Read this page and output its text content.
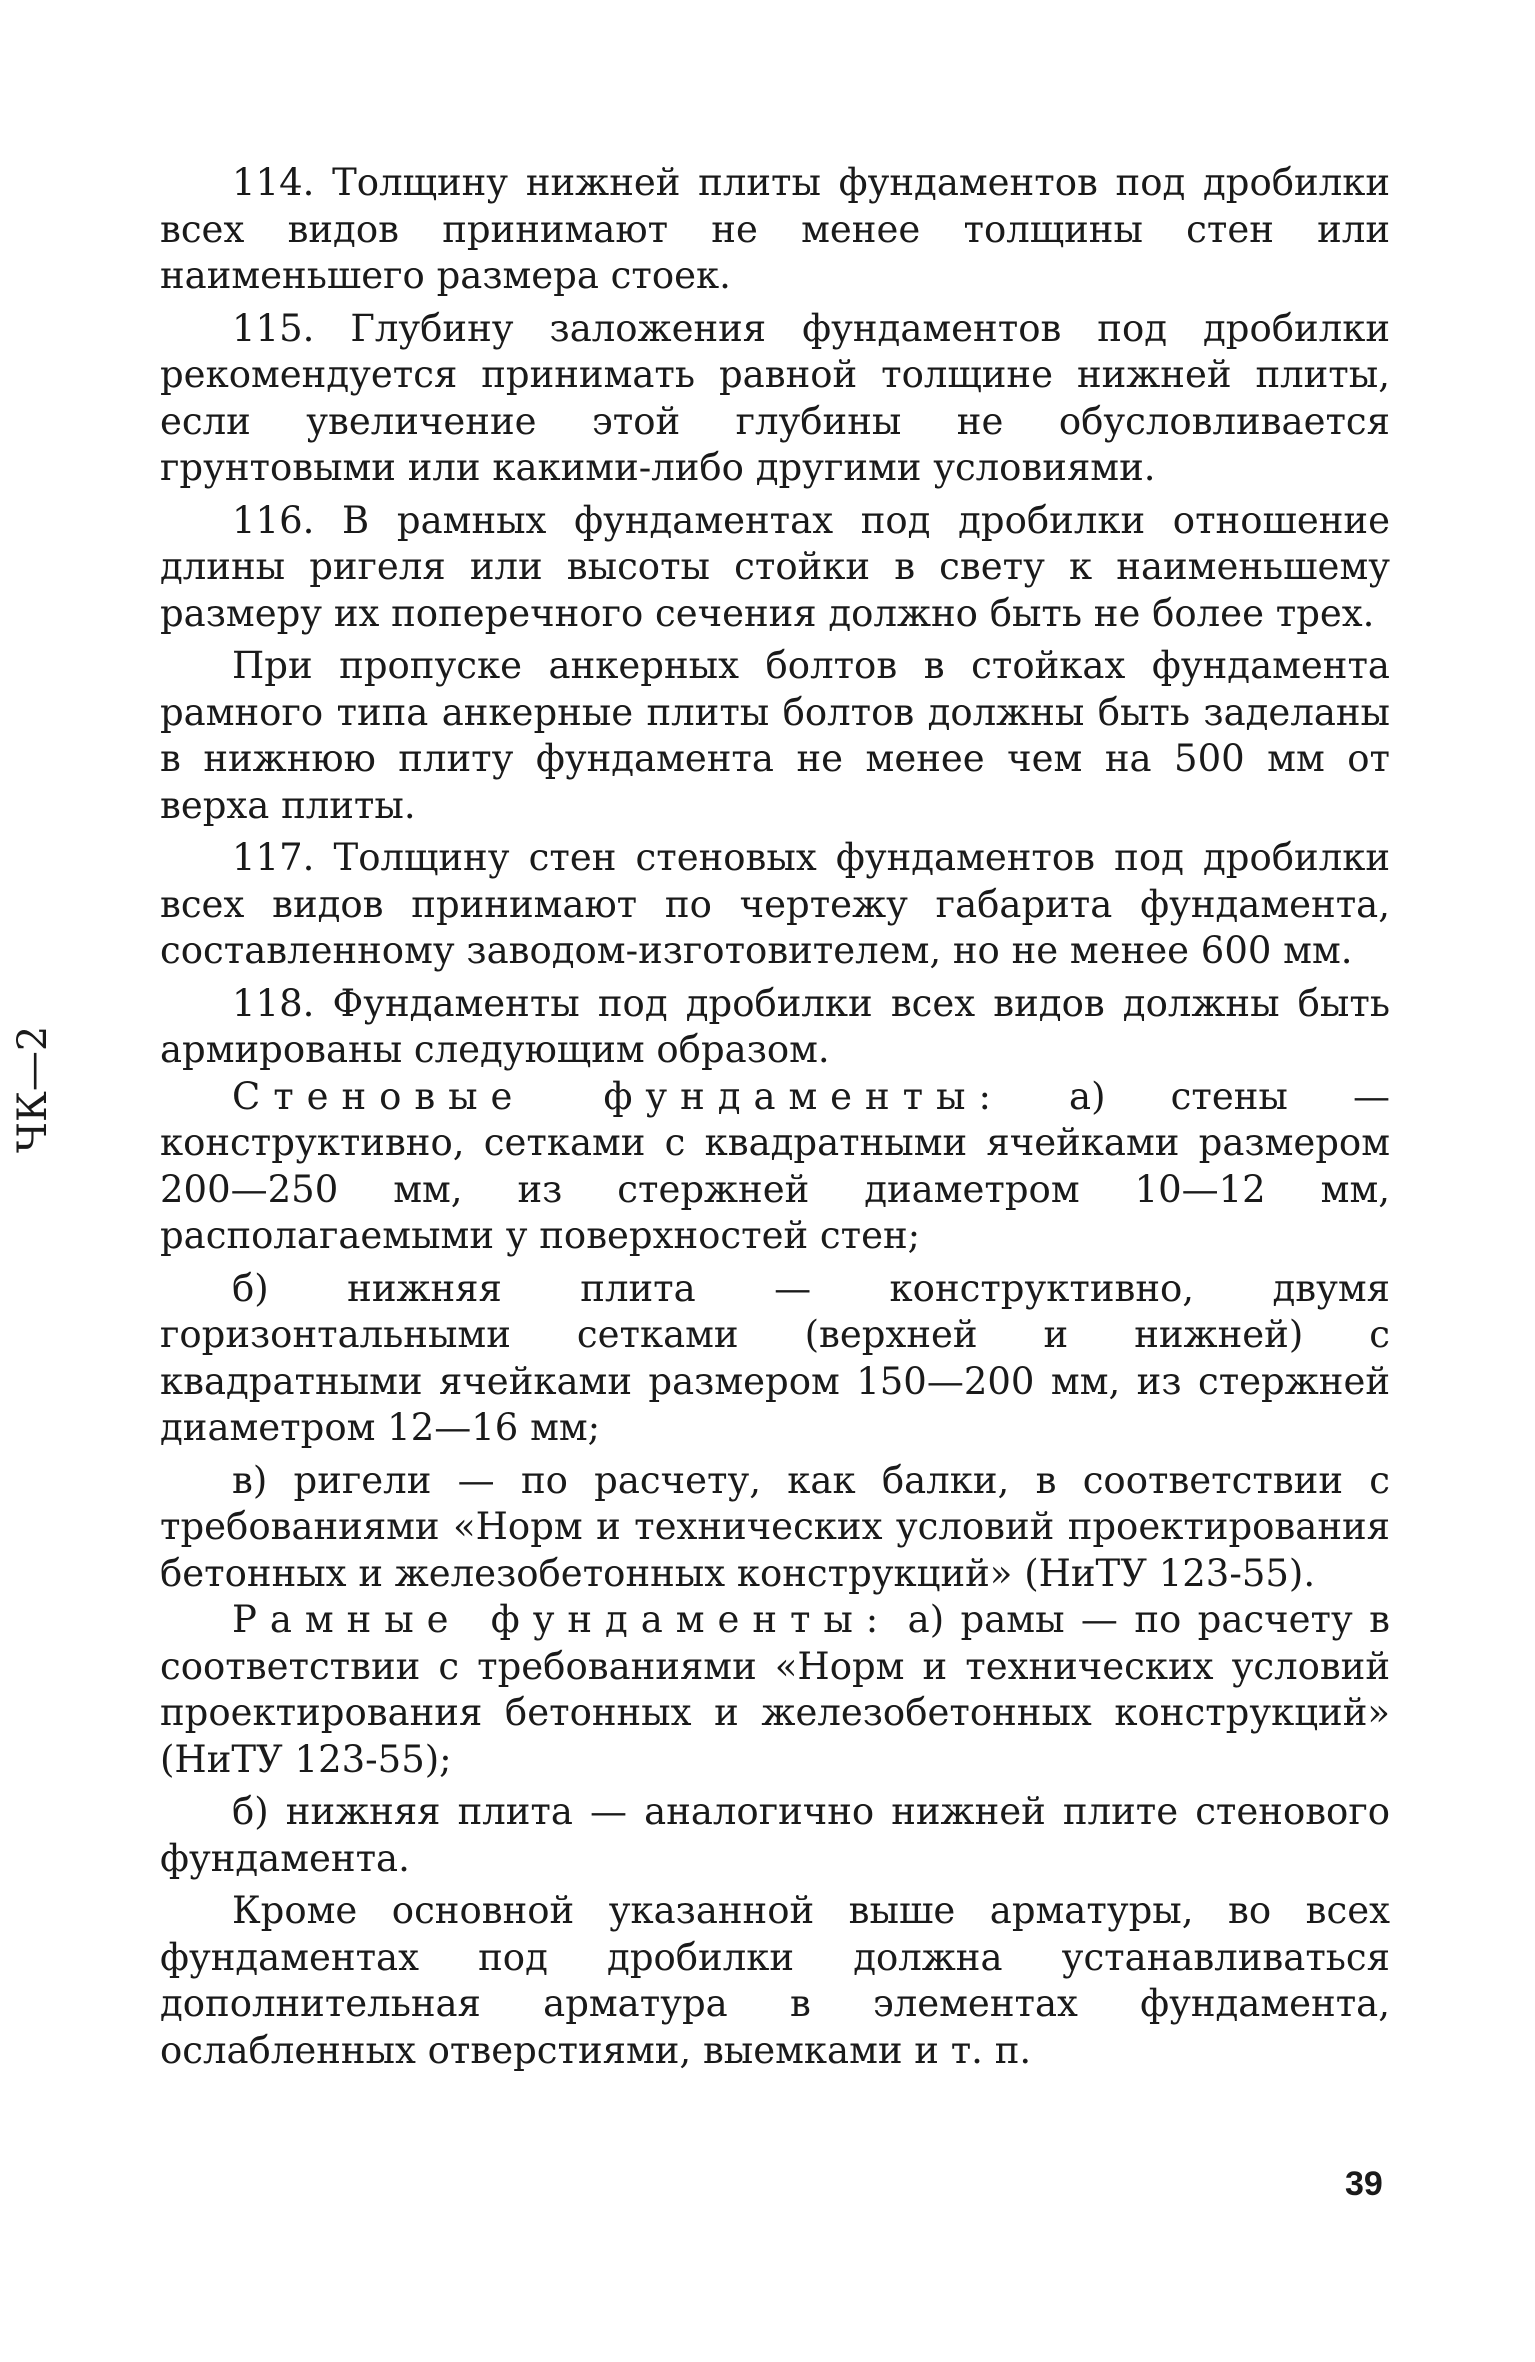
ЧК—2

114. Толщину нижней плиты фундаментов под дробилки всех видов принимают не менее толщины стен или наименьшего размера стоек.

115. Глубину заложения фундаментов под дробилки рекомендуется принимать равной толщине нижней плиты, если увеличение этой глубины не обусловливается грунтовыми или какими-либо другими условиями.

116. В рамных фундаментах под дробилки отношение длины ригеля или высоты стойки в свету к наименьшему размеру их поперечного сечения должно быть не более трех.

При пропуске анкерных болтов в стойках фундамента рамного типа анкерные плиты болтов должны быть заделаны в нижнюю плиту фундамента не менее чем на 500 мм от верха плиты.

117. Толщину стен стеновых фундаментов под дробилки всех видов принимают по чертежу габарита фундамента, составленному заводом-изготовителем, но не менее 600 мм.

118. Фундаменты под дробилки всех видов должны быть армированы следующим образом.

Стеновые фундаменты: а) стены — конструктивно, сетками с квадратными ячейками размером 200—250 мм, из стержней диаметром 10—12 мм, располагаемыми у поверхностей стен;

б) нижняя плита — конструктивно, двумя горизонтальными сетками (верхней и нижней) с квадратными ячейками размером 150—200 мм, из стержней диаметром 12—16 мм;

в) ригели — по расчету, как балки, в соответствии с требованиями «Норм и технических условий проектирования бетонных и железобетонных конструкций» (НиТУ 123-55).

Рамные фундаменты: а) рамы — по расчету в соответствии с требованиями «Норм и технических условий проектирования бетонных и железобетонных конструкций» (НиТУ 123-55);

б) нижняя плита — аналогично нижней плите стенового фундамента.

Кроме основной указанной выше арматуры, во всех фундаментах под дробилки должна устанавливаться дополнительная арматура в элементах фундамента, ослабленных отверстиями, выемками и т. п.

39
